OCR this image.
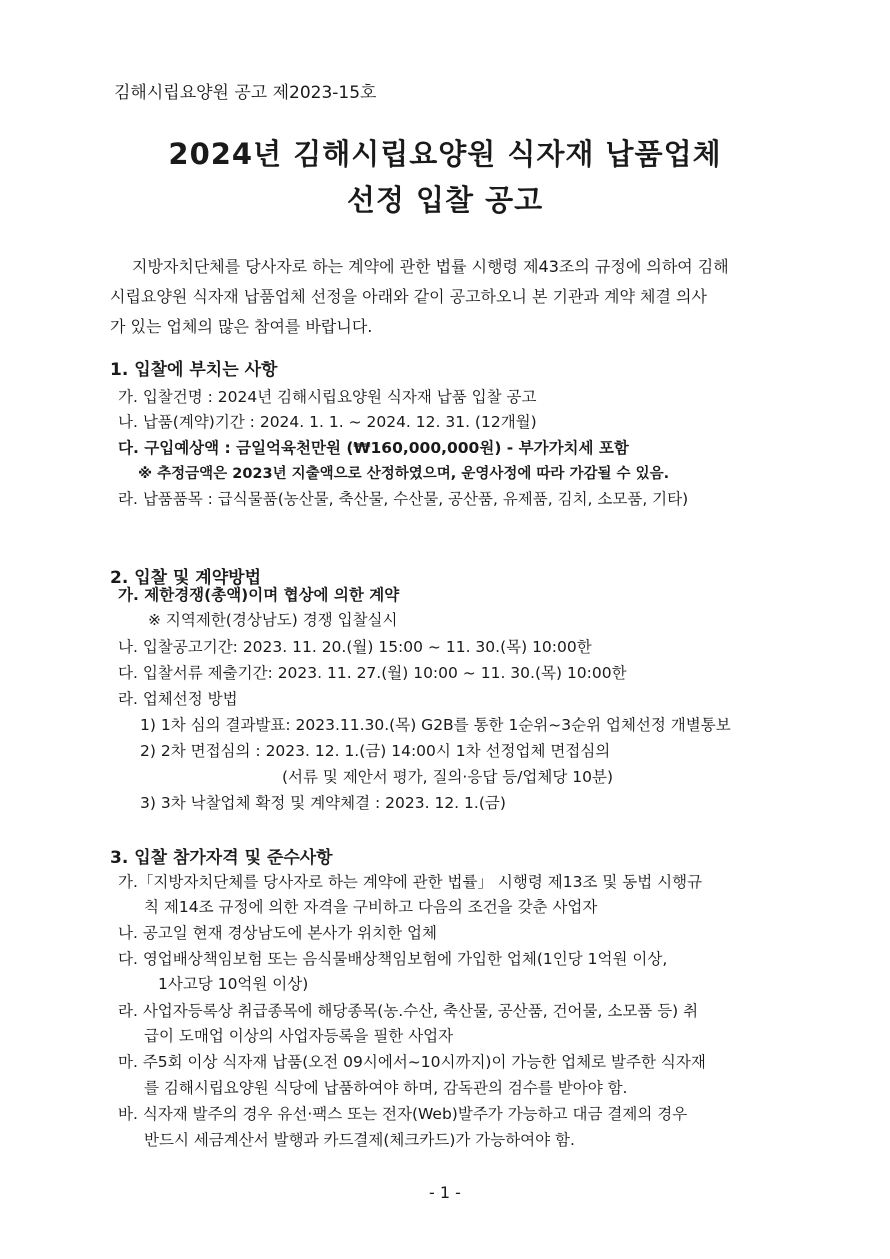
김해시립요양원 공고 제2023-15호
2024년 김해시립요양원 식자재 납품업체
선정 입찰 공고
지방자치단체를 당사자로 하는 계약에 관한 법률 시행령 제43조의 규정에 의하여 김해
시립요양원 식자재 납품업체 선정을 아래와 같이 공고하오니 본 기관과 계약 체결 의사
가 있는 업체의 많은 참여를 바랍니다.
1. 입찰에 부치는 사항
가. 입찰건명 : 2024년 김해시립요양원 식자재 납품 입찰 공고
나. 납품(계약)기간 : 2024. 1. 1. ~ 2024. 12. 31. (12개월)
다. 구입예상액 : 금일억육천만원 (₩160,000,000원) - 부가가치세 포함
※ 추정금액은 2023년 지출액으로 산정하였으며, 운영사정에 따라 가감될 수 있음.
라. 납품품목 : 급식물품(농산물, 축산물, 수산물, 공산품, 유제품, 김치, 소모품, 기타)
2. 입찰 및 계약방법
가. 제한경쟁(총액)이며 협상에 의한 계약
※ 지역제한(경상남도) 경쟁 입찰실시
나. 입찰공고기간: 2023. 11. 20.(월) 15:00 ~ 11. 30.(목) 10:00한
다. 입찰서류 제출기간: 2023. 11. 27.(월) 10:00 ~ 11. 30.(목) 10:00한
라. 업체선정 방법
1) 1차 심의 결과발표: 2023.11.30.(목) G2B를 통한 1순위~3순위 업체선정 개별통보
2) 2차 면접심의 : 2023. 12. 1.(금) 14:00시 1차 선정업체 면접심의
(서류 및 제안서 평가, 질의·응답 등/업체당 10분)
3) 3차 낙찰업체 확정 및 계약체결 : 2023. 12. 1.(금)
3. 입찰 참가자격 및 준수사항
가.「지방자치단체를 당사자로 하는 계약에 관한 법률」 시행령 제13조 및 동법 시행규
칙 제14조 규정에 의한 자격을 구비하고 다음의 조건을 갖춘 사업자
나. 공고일 현재 경상남도에 본사가 위치한 업체
다. 영업배상책임보험 또는 음식물배상책임보험에 가입한 업체(1인당 1억원 이상,
1사고당 10억원 이상)
라. 사업자등록상 취급종목에 해당종목(농.수산, 축산물, 공산품, 건어물, 소모품 등) 취
급이 도매업 이상의 사업자등록을 필한 사업자
마. 주5회 이상 식자재 납품(오전 09시에서~10시까지)이 가능한 업체로 발주한 식자재
를 김해시립요양원 식당에 납품하여야 하며, 감독관의 검수를 받아야 함.
바. 식자재 발주의 경우 유선·팩스 또는 전자(Web)발주가 가능하고 대금 결제의 경우
반드시 세금계산서 발행과 카드결제(체크카드)가 가능하여야 함.
- 1 -
